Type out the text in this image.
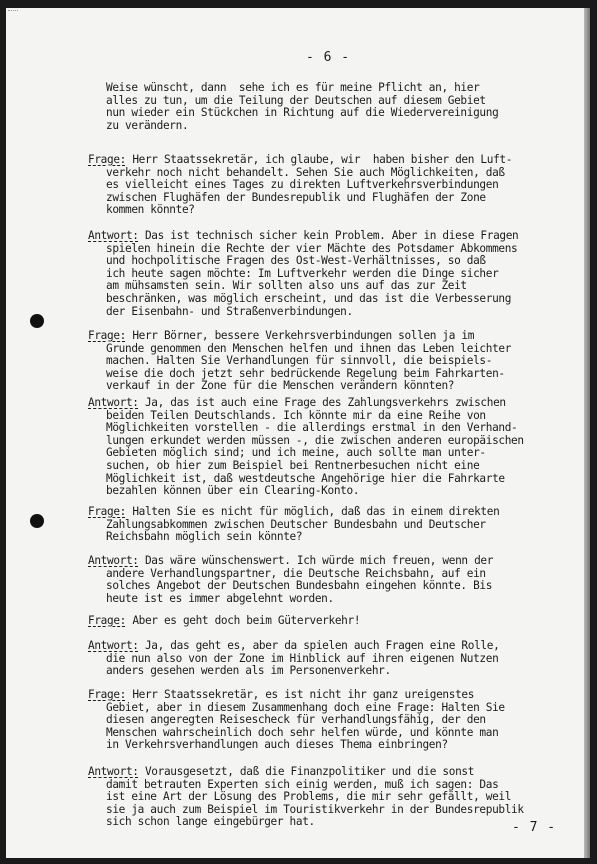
- 6 -
Weise wünscht, dann  sehe ich es für meine Pflicht an, hier
alles zu tun, um die Teilung der Deutschen auf diesem Gebiet
nun wieder ein Stückchen in Richtung auf die Wiedervereinigung
zu verändern.
Frage: Herr Staatssekretär, ich glaube, wir  haben bisher den Luft-
verkehr noch nicht behandelt. Sehen Sie auch Möglichkeiten, daß
es vielleicht eines Tages zu direkten Luftverkehrsverbindungen
zwischen Flughäfen der Bundesrepublik und Flughäfen der Zone
kommen könnte?
Antwort: Das ist technisch sicher kein Problem. Aber in diese Fragen
spielen hinein die Rechte der vier Mächte des Potsdamer Abkommens
und hochpolitische Fragen des Ost-West-Verhältnisses, so daß
ich heute sagen möchte: Im Luftverkehr werden die Dinge sicher
am mühsamsten sein. Wir sollten also uns auf das zur Zeit
beschränken, was möglich erscheint, und das ist die Verbesserung
der Eisenbahn- und Straßenverbindungen.
Frage: Herr Börner, bessere Verkehrsverbindungen sollen ja im
Grunde genommen den Menschen helfen und ihnen das Leben leichter
machen. Halten Sie Verhandlungen für sinnvoll, die beispiels-
weise die doch jetzt sehr bedrückende Regelung beim Fahrkarten-
verkauf in der Zone für die Menschen verändern könnten?
Antwort: Ja, das ist auch eine Frage des Zahlungsverkehrs zwischen
beiden Teilen Deutschlands. Ich könnte mir da eine Reihe von
Möglichkeiten vorstellen - die allerdings erstmal in den Verhand-
lungen erkundet werden müssen -, die zwischen anderen europäischen
Gebieten möglich sind; und ich meine, auch sollte man unter-
suchen, ob hier zum Beispiel bei Rentnerbesuchen nicht eine
Möglichkeit ist, daß westdeutsche Angehörige hier die Fahrkarte
bezahlen können über ein Clearing-Konto.
Frage: Halten Sie es nicht für möglich, daß das in einem direkten
Zahlungsabkommen zwischen Deutscher Bundesbahn und Deutscher
Reichsbahn möglich sein könnte?
Antwort: Das wäre wünschenswert. Ich würde mich freuen, wenn der
andere Verhandlungspartner, die Deutsche Reichsbahn, auf ein
solches Angebot der Deutschen Bundesbahn eingehen könnte. Bis
heute ist es immer abgelehnt worden.
Frage: Aber es geht doch beim Güterverkehr!
Antwort: Ja, das geht es, aber da spielen auch Fragen eine Rolle,
die nun also von der Zone im Hinblick auf ihren eigenen Nutzen
anders gesehen werden als im Personenverkehr.
Frage: Herr Staatssekretär, es ist nicht ihr ganz ureigenstes
Gebiet, aber in diesem Zusammenhang doch eine Frage: Halten Sie
diesen angeregten Reisescheck für verhandlungsfähig, der den
Menschen wahrscheinlich doch sehr helfen würde, und könnte man
in Verkehrsverhandlungen auch dieses Thema einbringen?
Antwort: Vorausgesetzt, daß die Finanzpolitiker und die sonst
damit betrauten Experten sich einig werden, muß ich sagen: Das
ist eine Art der Lösung des Problems, die mir sehr gefällt, weil
sie ja auch zum Beispiel im Touristikverkehr in der Bundesrepublik
sich schon lange eingebürger hat.	- 7 -
